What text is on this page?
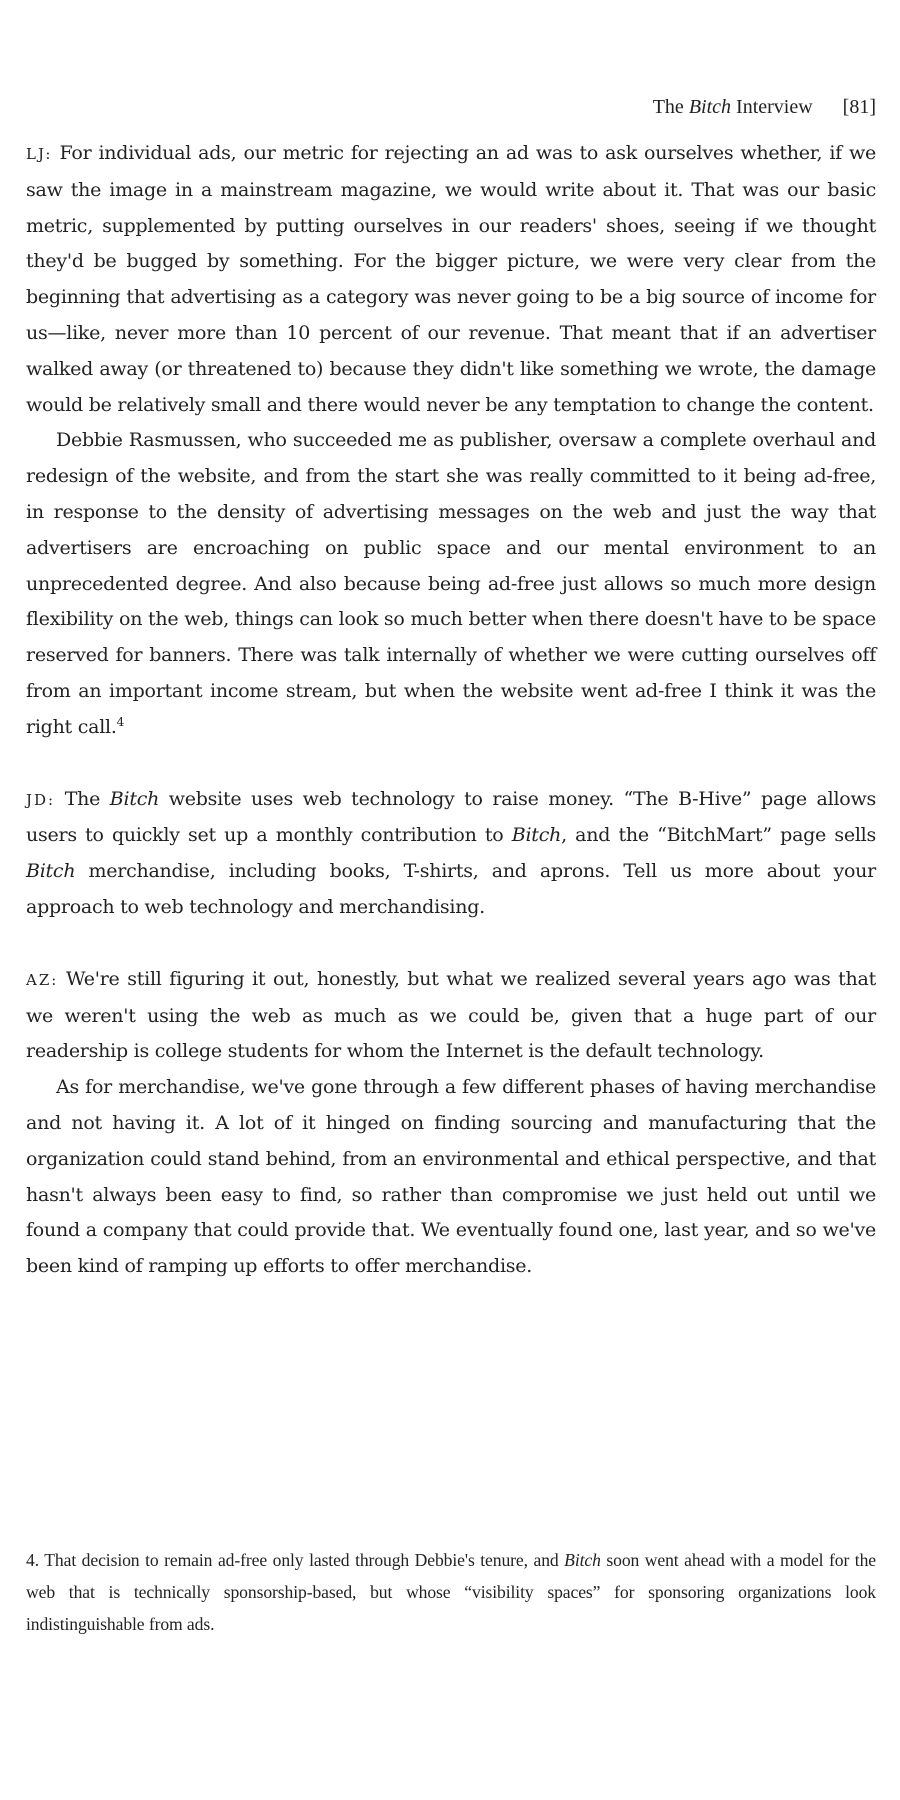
The Bitch Interview [81]

LJ: For individual ads, our metric for rejecting an ad was to ask ourselves whether, if we saw the image in a mainstream magazine, we would write about it. That was our basic metric, supplemented by putting ourselves in our readers' shoes, seeing if we thought they'd be bugged by something. For the bigger picture, we were very clear from the beginning that advertising as a category was never going to be a big source of income for us—like, never more than 10 percent of our revenue. That meant that if an advertiser walked away (or threatened to) because they didn't like something we wrote, the damage would be relatively small and there would never be any temptation to change the content.

Debbie Rasmussen, who succeeded me as publisher, oversaw a complete overhaul and redesign of the website, and from the start she was really committed to it being ad-free, in response to the density of advertising messages on the web and just the way that advertisers are encroaching on public space and our mental environment to an unprecedented degree. And also because being ad-free just allows so much more design flexibility on the web, things can look so much better when there doesn't have to be space reserved for banners. There was talk internally of whether we were cutting ourselves off from an important income stream, but when the website went ad-free I think it was the right call.$^4$

JD: The Bitch website uses web technology to raise money. “The B-Hive” page allows users to quickly set up a monthly contribution to Bitch, and the “BitchMart” page sells Bitch merchandise, including books, T-shirts, and aprons. Tell us more about your approach to web technology and merchandising.

AZ: We're still figuring it out, honestly, but what we realized several years ago was that we weren't using the web as much as we could be, given that a huge part of our readership is college students for whom the Internet is the default technology.

As for merchandise, we've gone through a few different phases of having merchandise and not having it. A lot of it hinged on finding sourcing and manufacturing that the organization could stand behind, from an environmental and ethical perspective, and that hasn't always been easy to find, so rather than compromise we just held out until we found a company that could provide that. We eventually found one, last year, and so we've been kind of ramping up efforts to offer merchandise.

4. That decision to remain ad-free only lasted through Debbie's tenure, and Bitch soon went ahead with a model for the web that is technically sponsorship-based, but whose “visibility spaces” for sponsoring organizations look indistinguishable from ads.
